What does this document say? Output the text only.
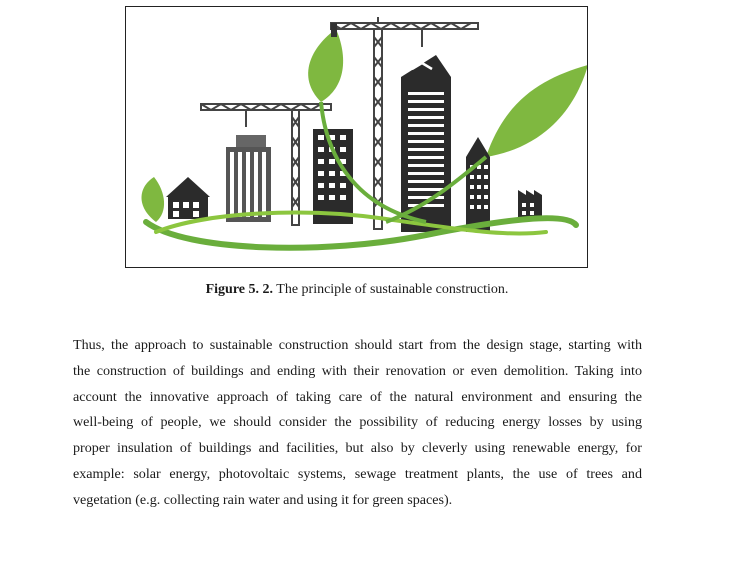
Figure 5. 2. The principle of sustainable construction.
Thus, the approach to sustainable construction should start from the design stage, starting with
the construction of buildings and ending with their renovation or even demolition. Taking into
account the innovative approach of taking care of the natural environment and ensuring the
well-being of people, we should consider the possibility of reducing energy losses by using
proper insulation of buildings and facilities, but also by cleverly using renewable energy, for
example: solar energy, photovoltaic systems, sewage treatment plants, the use of trees and
vegetation (e.g. collecting rain water and using it for green spaces).
